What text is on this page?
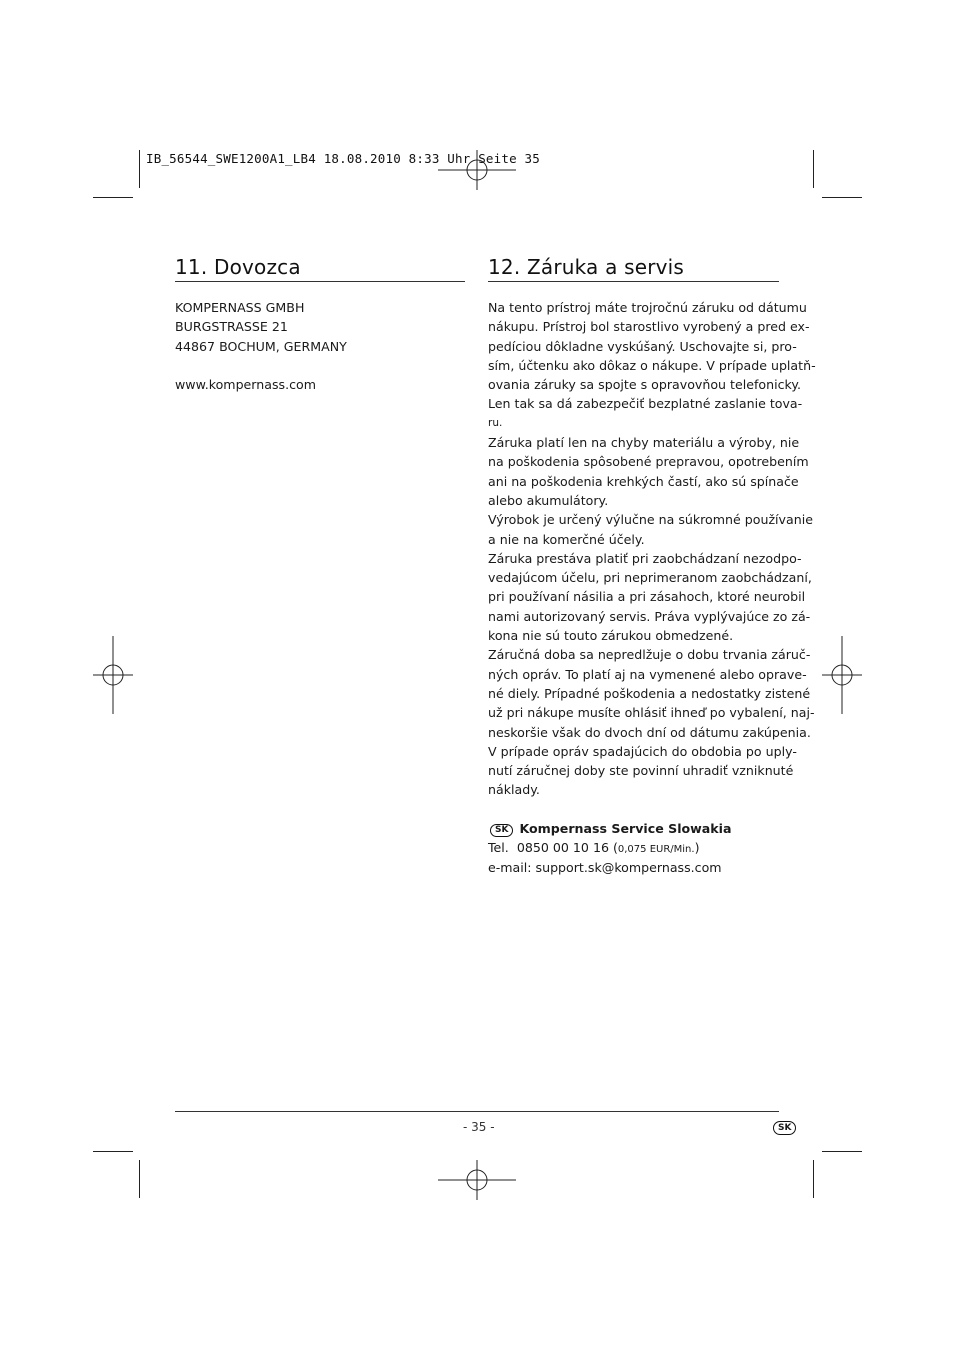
IB_56544_SWE1200A1_LB4 18.08.2010 8:33 Uhr Seite 35
11. Dovozca
KOMPERNASS GMBH
BURGSTRASSE 21
44867 BOCHUM, GERMANY
www.kompernass.com
12. Záruka a servis
Na tento prístroj máte trojročnú záruku od dátumu
nákupu. Prístroj bol starostlivo vyrobený a pred ex-
pedíciou dôkladne vyskúšaný. Uschovajte si, pro-
sím, účtenku ako dôkaz o nákupe. V prípade uplatň-
ovania záruky sa spojte s opravovňou telefonicky.
Len tak sa dá zabezpečiť bezplatné zaslanie tova-
ru.
Záruka platí len na chyby materiálu a výroby, nie
na poškodenia spôsobené prepravou, opotrebením
ani na poškodenia krehkých častí, ako sú spínače
alebo akumulátory.
Výrobok je určený výlučne na súkromné používanie
a nie na komerčné účely.
Záruka prestáva platiť pri zaobchádzaní nezodpo-
vedajúcom účelu, pri neprimeranom zaobchádzaní,
pri používaní násilia a pri zásahoch, ktoré neurobil
nami autorizovaný servis. Práva vyplývajúce zo zá-
kona nie sú touto zárukou obmedzené.
Záručná doba sa nepredlžuje o dobu trvania záruč-
ných opráv. To platí aj na vymenené alebo oprave-
né diely. Prípadné poškodenia a nedostatky zistené
už pri nákupe musíte ohlásiť ihneď po vybalení, naj-
neskoršie však do dvoch dní od dátumu zakúpenia.
V prípade opráv spadajúcich do obdobia po uply-
nutí záručnej doby ste povinní uhradiť vzniknuté
náklady.
SK Kompernass Service Slowakia
Tel. 0850 00 10 16 (0,075 EUR/Min.)
e-mail: support.sk@kompernass.com
- 35 -	SK
